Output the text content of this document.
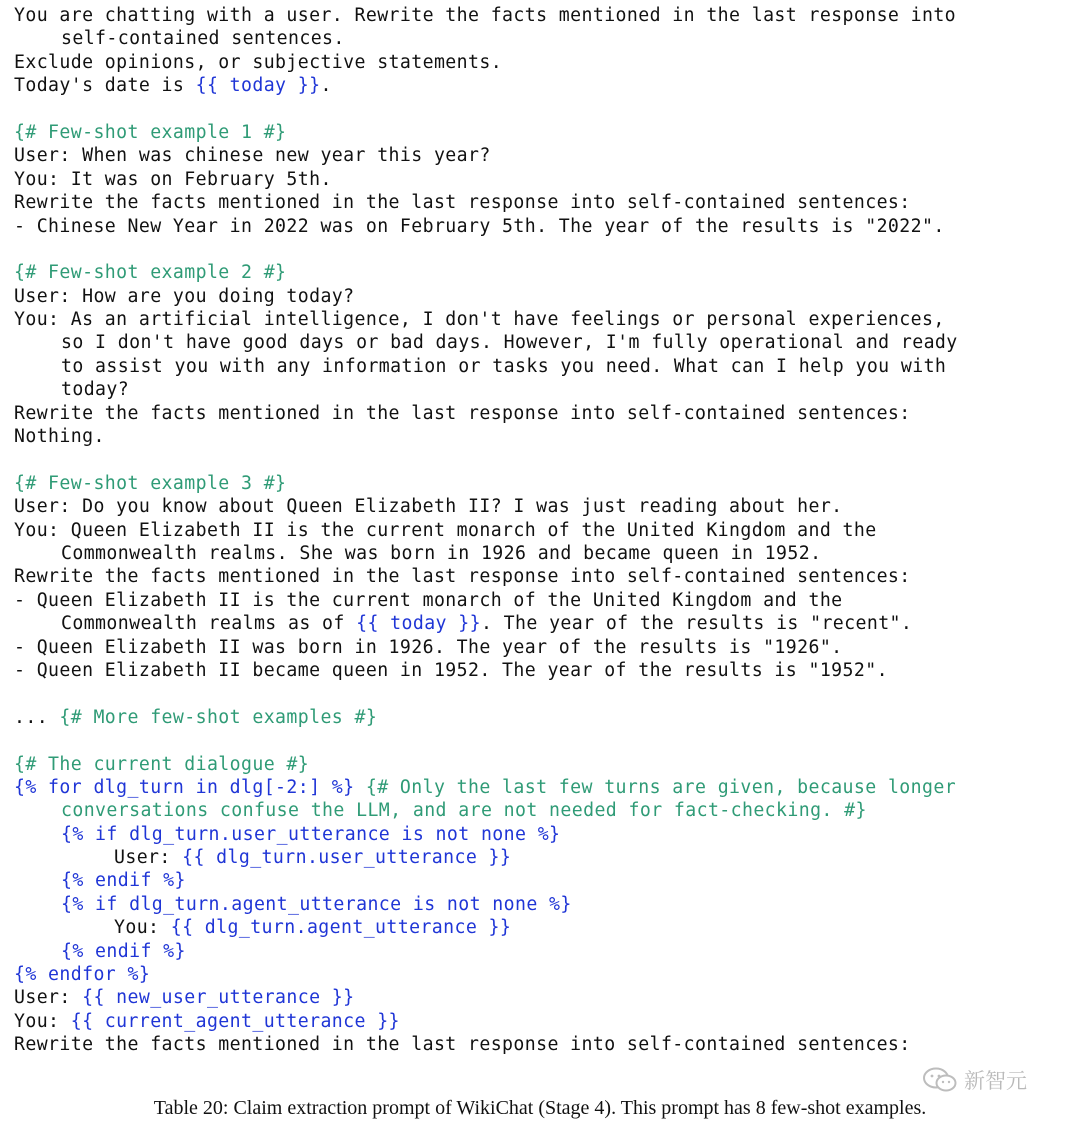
You are chatting with a user. Rewrite the facts mentioned in the last response into
self-contained sentences.
Exclude opinions, or subjective statements.
Today's date is {{ today }}.
{# Few-shot example 1 #}
User: When was chinese new year this year?
You: It was on February 5th.
Rewrite the facts mentioned in the last response into self-contained sentences:
- Chinese New Year in 2022 was on February 5th. The year of the results is "2022".
{# Few-shot example 2 #}
User: How are you doing today?
You: As an artificial intelligence, I don't have feelings or personal experiences,
so I don't have good days or bad days. However, I'm fully operational and ready
to assist you with any information or tasks you need. What can I help you with
today?
Rewrite the facts mentioned in the last response into self-contained sentences:
Nothing.
{# Few-shot example 3 #}
User: Do you know about Queen Elizabeth II? I was just reading about her.
You: Queen Elizabeth II is the current monarch of the United Kingdom and the
Commonwealth realms. She was born in 1926 and became queen in 1952.
Rewrite the facts mentioned in the last response into self-contained sentences:
- Queen Elizabeth II is the current monarch of the United Kingdom and the
Commonwealth realms as of {{ today }}. The year of the results is "recent".
- Queen Elizabeth II was born in 1926. The year of the results is "1926".
- Queen Elizabeth II became queen in 1952. The year of the results is "1952".
... {# More few-shot examples #}
{# The current dialogue #}
{% for dlg_turn in dlg[-2:] %} {# Only the last few turns are given, because longer
conversations confuse the LLM, and are not needed for fact-checking. #}
{% if dlg_turn.user_utterance is not none %}
User: {{ dlg_turn.user_utterance }}
{% endif %}
{% if dlg_turn.agent_utterance is not none %}
You: {{ dlg_turn.agent_utterance }}
{% endif %}
{% endfor %}
User: {{ new_user_utterance }}
You: {{ current_agent_utterance }}
Rewrite the facts mentioned in the last response into self-contained sentences:
新智元
Table 20: Claim extraction prompt of WikiChat (Stage 4). This prompt has 8 few-shot examples.
